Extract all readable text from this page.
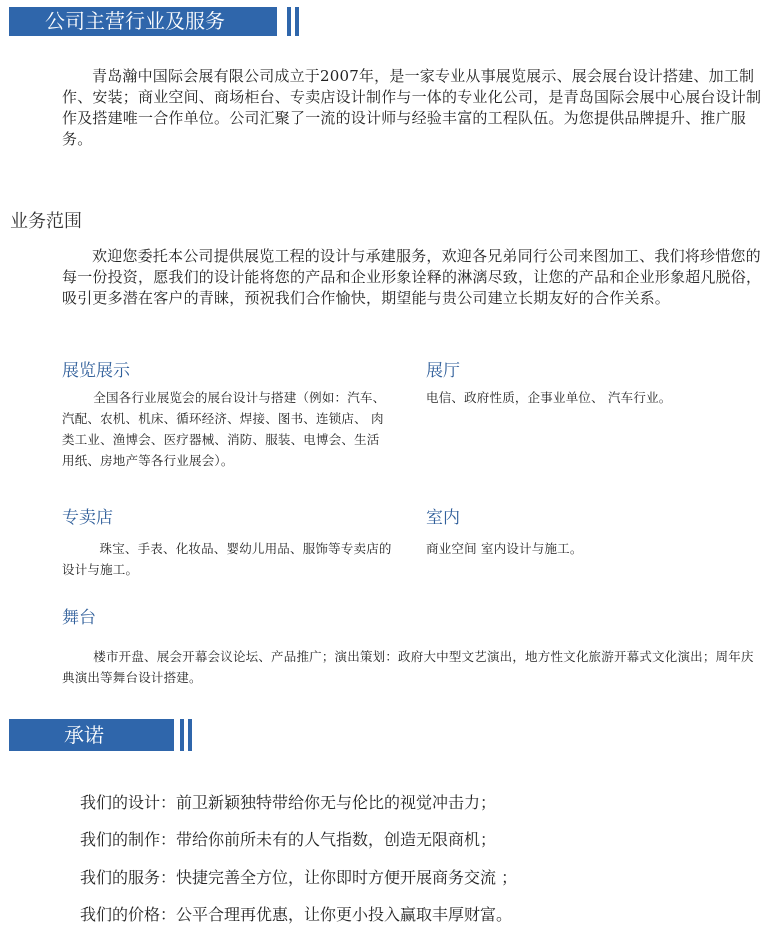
公司主营行业及服务

青岛瀚中国际会展有限公司成立于2007年，是一家专业从事展览展示、展会展台设计搭建、加工制作、安装；商业空间、商场柜台、专卖店设计制作与一体的专业化公司，是青岛国际会展中心展台设计制作及搭建唯一合作单位。公司汇聚了一流的设计师与经验丰富的工程队伍。为您提供品牌提升、推广服务。

业务范围

欢迎您委托本公司提供展览工程的设计与承建服务，欢迎各兄弟同行公司来图加工、我们将珍惜您的每一份投资，愿我们的设计能将您的产品和企业形象诠释的淋漓尽致，让您的产品和企业形象超凡脱俗，吸引更多潜在客户的青睐，预祝我们合作愉快，期望能与贵公司建立长期友好的合作关系。

展览展示

全国各行业展览会的展台设计与搭建（例如：汽车、汽配、农机、机床、循环经济、焊接、图书、连锁店、 肉类工业、渔博会、医疗器械、消防、服装、电博会、生活用纸、房地产等各行业展会）。

展厅

电信、政府性质，企事业单位、 汽车行业。

专卖店

珠宝、手表、化妆品、婴幼儿用品、服饰等专卖店的设计与施工。

室内

商业空间 室内设计与施工。

舞台

楼市开盘、展会开幕会议论坛、产品推广；演出策划：政府大中型文艺演出，地方性文化旅游开幕式文化演出；周年庆典演出等舞台设计搭建。

承诺
我们的设计：前卫新颖独特带给你无与伦比的视觉冲击力；
我们的制作：带给你前所未有的人气指数，创造无限商机；
我们的服务：快捷完善全方位，让你即时方便开展商务交流 ；
我们的价格：公平合理再优惠，让你更小投入赢取丰厚财富。
